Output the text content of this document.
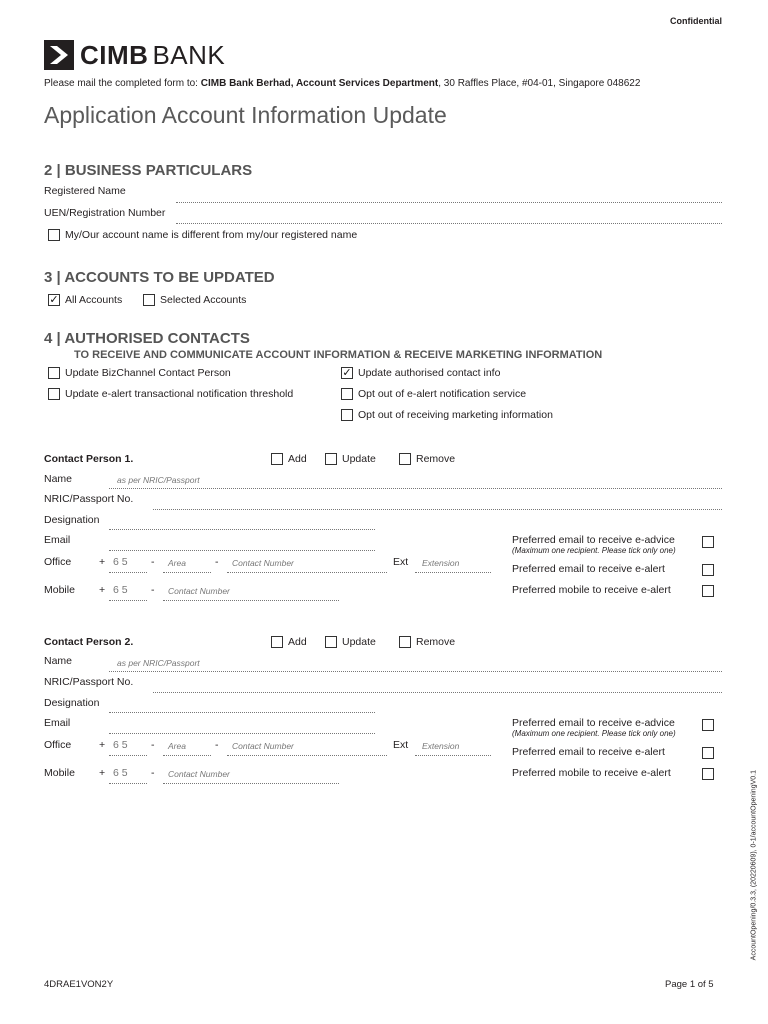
Confidential
CIMB BANK
Please mail the completed form to: CIMB Bank Berhad, Account Services Department, 30 Raffles Place, #04-01, Singapore 048622
Application Account Information Update
2 | BUSINESS PARTICULARS
Registered Name
UEN/Registration Number
My/Our account name is different from my/our registered name
3 | ACCOUNTS TO BE UPDATED
✓ All Accounts	Selected Accounts
4 | AUTHORISED CONTACTS
TO RECEIVE AND COMMUNICATE ACCOUNT INFORMATION & RECEIVE MARKETING INFORMATION
Update BizChannel Contact Person
Update e-alert transactional notification threshold
✓ Update authorised contact info
Opt out of e-alert notification service
Opt out of receiving marketing information
Contact Person 1.	Add	Update	Remove
Name	as per NRIC/Passport
NRIC/Passport No.
Designation
Email
Office	+ 6 5 - Area	- Contact Number	Ext Extension
Mobile + 6 5 - Contact Number
Preferred email to receive e-advice
(Maximum one recipient. Please tick only one)
Preferred email to receive e-alert
Preferred mobile to receive e-alert
Contact Person 2.	Add	Update	Remove
Name	as per NRIC/Passport
NRIC/Passport No.
Designation
Email
Office	+ 6 5 - Area	- Contact Number	Ext Extension
Mobile + 6 5 - Contact Number
Preferred email to receive e-advice
(Maximum one recipient. Please tick only one)
Preferred email to receive e-alert
Preferred mobile to receive e-alert
4DRAE1VON2Y	Page 1 of 5
AccountOpening/0.3.3, (20220609), 0-1/accountOpeningV0.1
